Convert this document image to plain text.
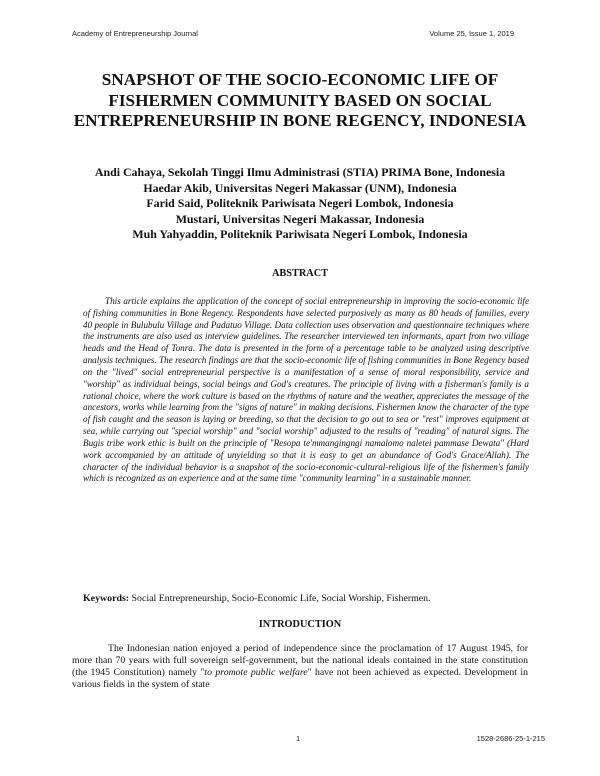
Academy of Entrepreneurship Journal	Volume 25, Issue 1, 2019
SNAPSHOT OF THE SOCIO-ECONOMIC LIFE OF FISHERMEN COMMUNITY BASED ON SOCIAL ENTREPRENEURSHIP IN BONE REGENCY, INDONESIA
Andi Cahaya, Sekolah Tinggi Ilmu Administrasi (STIA) PRIMA Bone, Indonesia
Haedar Akib, Universitas Negeri Makassar (UNM), Indonesia
Farid Said, Politeknik Pariwisata Negeri Lombok, Indonesia
Mustari, Universitas Negeri Makassar, Indonesia
Muh Yahyaddin, Politeknik Pariwisata Negeri Lombok, Indonesia
ABSTRACT

This article explains the application of the concept of social entrepreneurship in improving the socio-economic life of fishing communities in Bone Regency. Respondents have selected purposively as many as 80 heads of families, every 40 people in Bulubulu Village and Padatuo Village. Data collection uses observation and questionnaire techniques where the instruments are also used as interview guidelines. The researcher interviewed ten informants, apart from two village heads and the Head of Tonra. The data is presented in the form of a percentage table to be analyzed using descriptive analysis techniques. The research findings are that the socio-economic life of fishing communities in Bone Regency based on the "lived" social entrepreneurial perspective is a manifestation of a sense of moral responsibility, service and "worship" as individual beings, social beings and God's creatures. The principle of living with a fisherman's family is a rational choice, where the work culture is based on the rhythms of nature and the weather, appreciates the message of the ancestors, works while learning from the "signs of nature" in making decisions. Fishermen know the character of the type of fish caught and the season is laying or breeding, so that the decision to go out to sea or "rest" improves equipment at sea, while carrying out "special worship" and "social worship" adjusted to the results of "reading" of natural signs. The Bugis tribe work ethic is built on the principle of "Resopa te'mmangingngi namalomo naletei pammase Dewata" (Hard work accompanied by an attitude of unyielding so that it is easy to get an abundance of God's Grace/Allah). The character of the individual behavior is a snapshot of the socio-economic-cultural-religious life of the fishermen's family which is recognized as an experience and at the same time "community learning" in a sustainable manner.

Keywords: Social Entrepreneurship, Socio-Economic Life, Social Worship, Fishermen.

INTRODUCTION

The Indonesian nation enjoyed a period of independence since the proclamation of 17 August 1945, for more than 70 years with full sovereign self-government, but the national ideals contained in the state constitution (the 1945 Constitution) namely "to promote public welfare" have not been achieved as expected. Development in various fields in the system of state

1	1528-2686-25-1-215
